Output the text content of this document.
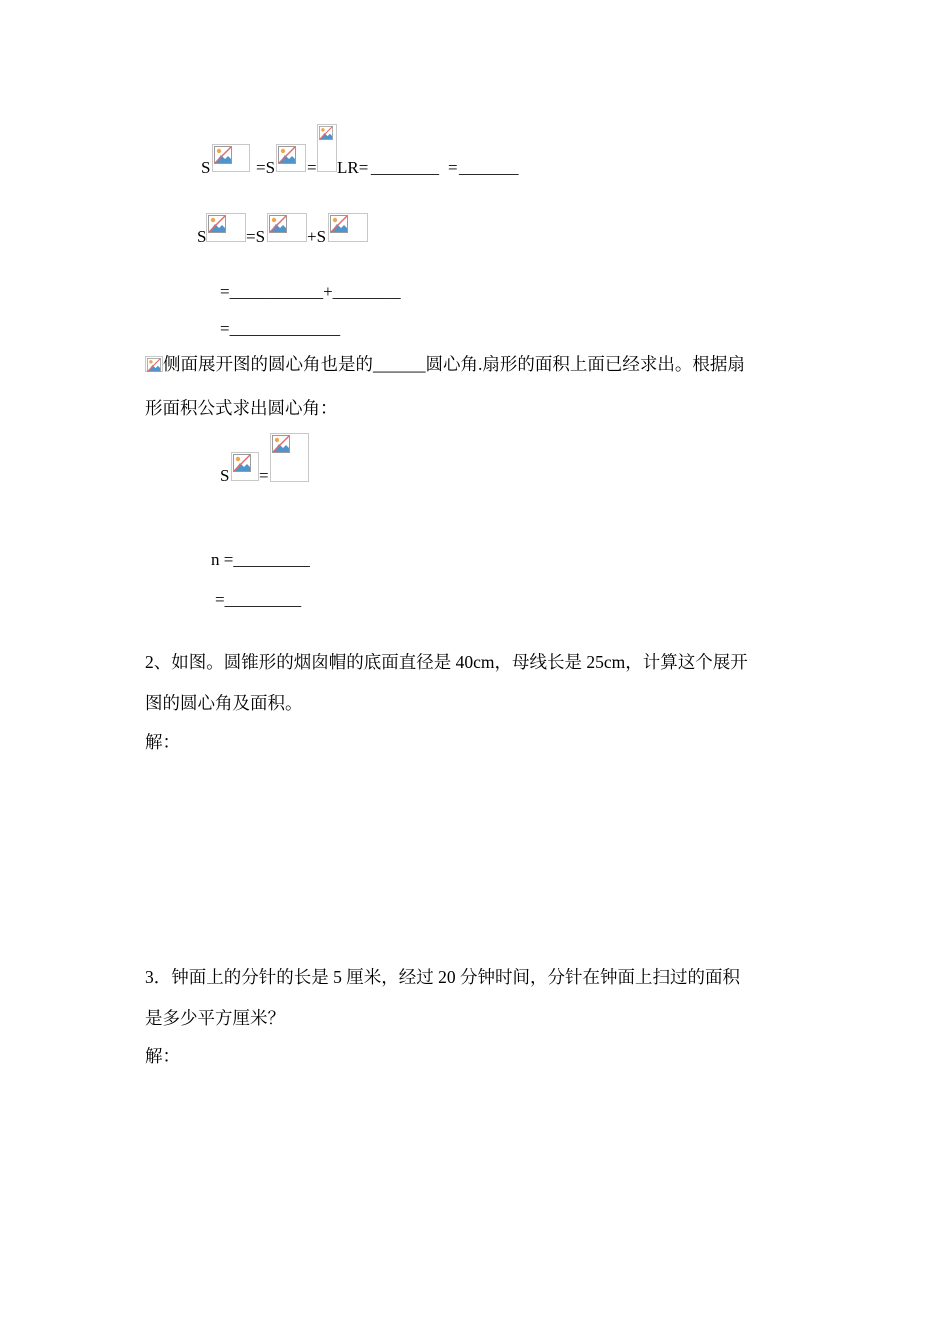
S	=S = LR= ________ = _______
S =S +S
=___________+________
=_____________
侧面展开图的圆心角也是的______圆心角.扇形的面积上面已经求出。根据扇
形面积公式求出圆心角：
S =
n =_________
=_________
2、如图。圆锥形的烟囱帽的底面直径是 40cm，母线长是 25cm，计算这个展开
图的圆心角及面积。
解：
3．钟面上的分针的长是 5 厘米，经过 20 分钟时间，分针在钟面上扫过的面积
是多少平方厘米？
解：
